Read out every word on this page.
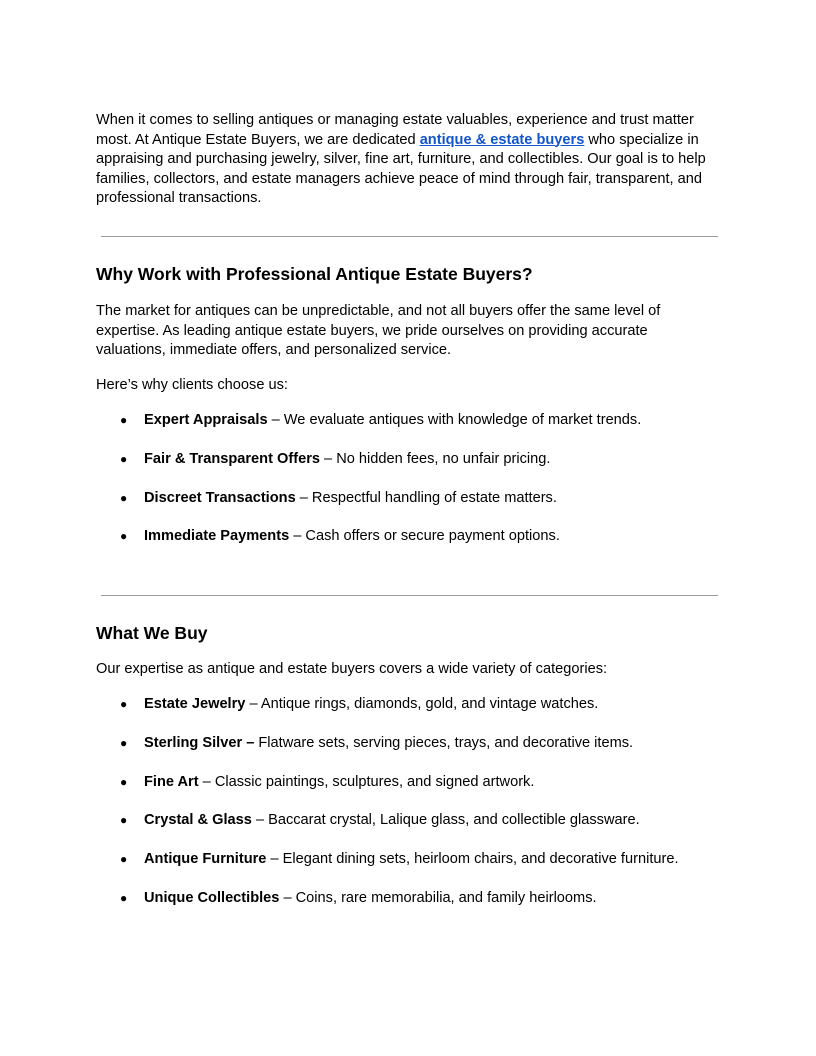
When it comes to selling antiques or managing estate valuables, experience and trust matter most. At Antique Estate Buyers, we are dedicated antique & estate buyers who specialize in appraising and purchasing jewelry, silver, fine art, furniture, and collectibles. Our goal is to help families, collectors, and estate managers achieve peace of mind through fair, transparent, and professional transactions.

Why Work with Professional Antique Estate Buyers?

The market for antiques can be unpredictable, and not all buyers offer the same level of expertise. As leading antique estate buyers, we pride ourselves on providing accurate valuations, immediate offers, and personalized service.

Here’s why clients choose us:

● Expert Appraisals – We evaluate antiques with knowledge of market trends.
● Fair & Transparent Offers – No hidden fees, no unfair pricing.
● Discreet Transactions – Respectful handling of estate matters.
● Immediate Payments – Cash offers or secure payment options.
What We Buy

Our expertise as antique and estate buyers covers a wide variety of categories:

● Estate Jewelry – Antique rings, diamonds, gold, and vintage watches.
● Sterling Silver – Flatware sets, serving pieces, trays, and decorative items.
● Fine Art – Classic paintings, sculptures, and signed artwork.
● Crystal & Glass – Baccarat crystal, Lalique glass, and collectible glassware.
● Antique Furniture – Elegant dining sets, heirloom chairs, and decorative furniture.
● Unique Collectibles – Coins, rare memorabilia, and family heirlooms.
